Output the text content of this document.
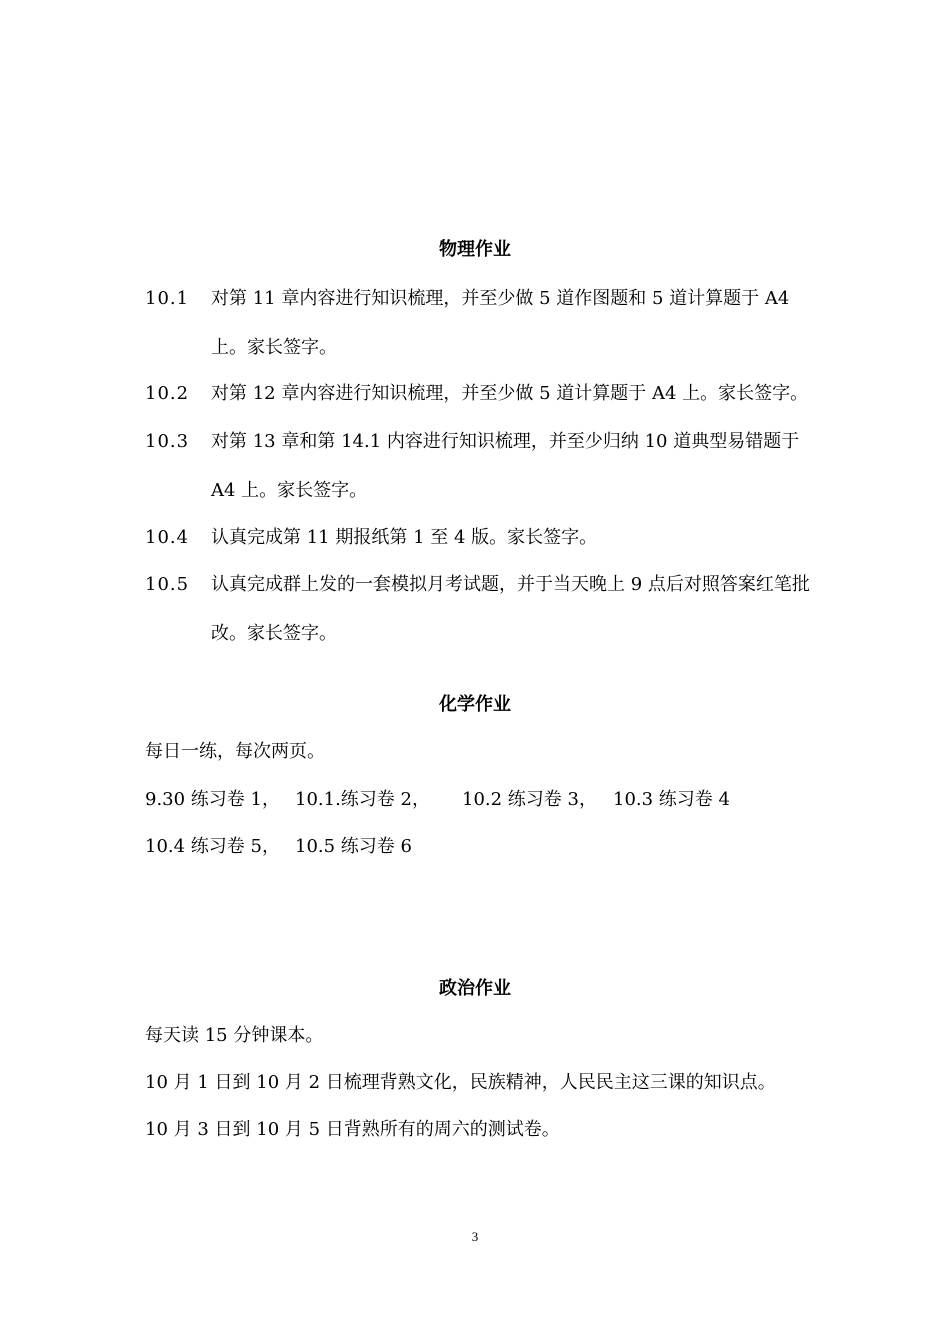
物理作业
10.1 对第 11 章内容进行知识梳理，并至少做 5 道作图题和 5 道计算题于 A4 上。家长签字。
10.2 对第 12 章内容进行知识梳理，并至少做 5 道计算题于 A4 上。家长签字。
10.3 对第 13 章和第 14.1 内容进行知识梳理，并至少归纳 10 道典型易错题于 A4 上。家长签字。
10.4 认真完成第 11 期报纸第 1 至 4 版。家长签字。
10.5 认真完成群上发的一套模拟月考试题，并于当天晚上 9 点后对照答案红笔批改。家长签字。
化学作业
每日一练，每次两页。
9.30 练习卷 1， 10.1.练习卷 2， 10.2 练习卷 3， 10.3 练习卷 4
10.4 练习卷 5， 10.5 练习卷 6
政治作业
每天读 15 分钟课本。
10 月 1 日到 10 月 2 日梳理背熟文化，民族精神，人民民主这三课的知识点。
10 月 3 日到 10 月 5 日背熟所有的周六的测试卷。
3
